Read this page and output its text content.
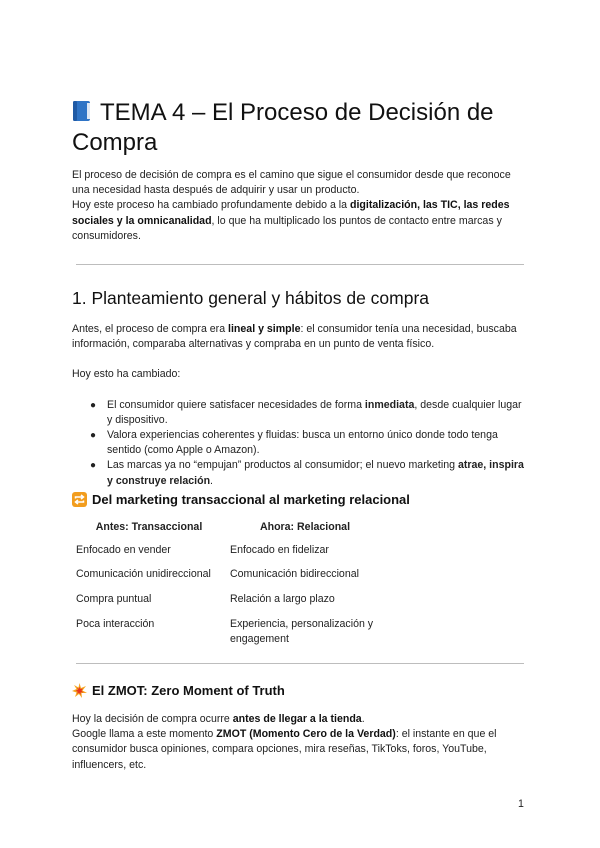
TEMA 4 – El Proceso de Decisión de Compra

El proceso de decisión de compra es el camino que sigue el consumidor desde que reconoce una necesidad hasta después de adquirir y usar un producto.

Hoy este proceso ha cambiado profundamente debido a la digitalización, las TIC, las redes sociales y la omnicanalidad, lo que ha multiplicado los puntos de contacto entre marcas y consumidores.

1. Planteamiento general y hábitos de compra

Antes, el proceso de compra era lineal y simple: el consumidor tenía una necesidad, buscaba información, comparaba alternativas y compraba en un punto de venta físico.

Hoy esto ha cambiado:

● El consumidor quiere satisfacer necesidades de forma inmediata, desde cualquier lugar y dispositivo.
● Valora experiencias coherentes y fluidas: busca un entorno único donde todo tenga sentido (como Apple o Amazon).
● Las marcas ya no “empujan” productos al consumidor; el nuevo marketing atrae, inspira y construye relación.
Del marketing transaccional al marketing relacional
Antes: Transaccional	Ahora: Relacional
Enfocado en vender	Enfocado en fidelizar
Comunicación unidireccional	Comunicación bidireccional
Compra puntual	Relación a largo plazo
Poca interacción	Experiencia, personalización y engagement
El ZMOT: Zero Moment of Truth

Hoy la decisión de compra ocurre antes de llegar a la tienda.

Google llama a este momento ZMOT (Momento Cero de la Verdad): el instante en que el consumidor busca opiniones, compara opciones, mira reseñas, TikToks, foros, YouTube, influencers, etc.

1
